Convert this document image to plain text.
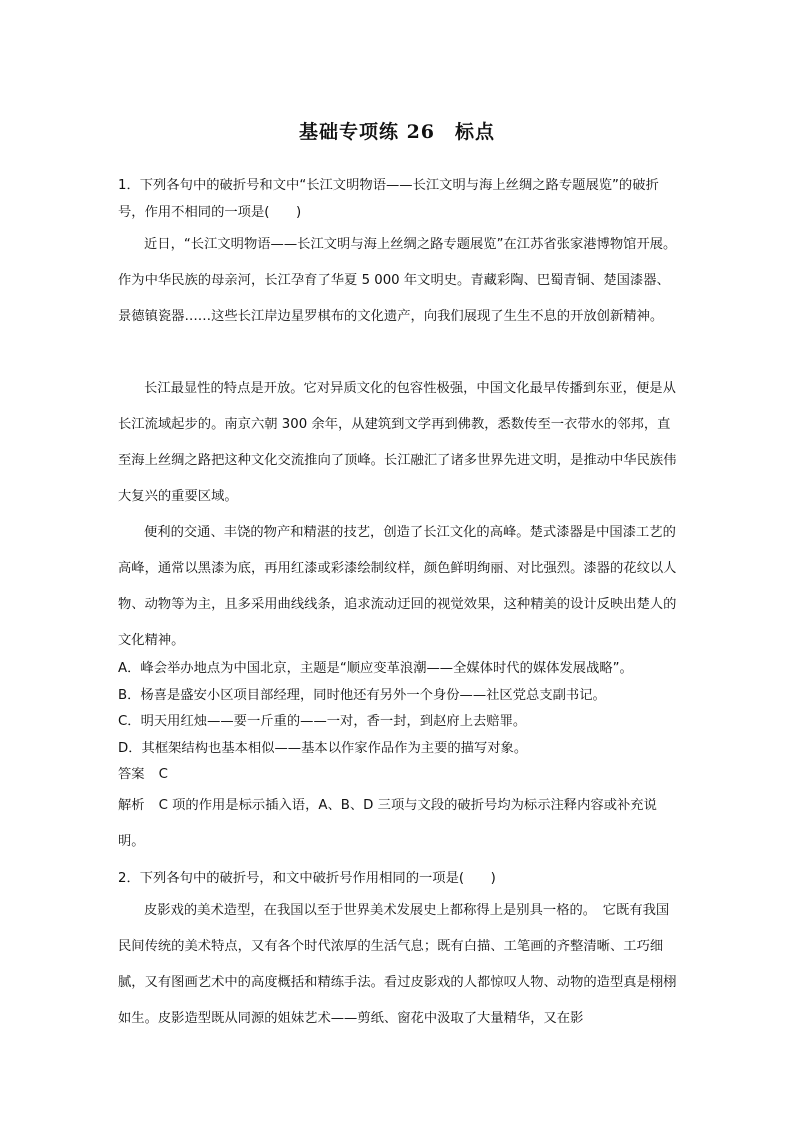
基础专项练 26　标点
1．下列各句中的破折号和文中“长江文明物语——长江文明与海上丝绸之路专题展览”的破折号，作用不相同的一项是(　　)
近日，“长江文明物语——长江文明与海上丝绸之路专题展览”在江苏省张家港博物馆开展。作为中华民族的母亲河，长江孕育了华夏 5 000 年文明史。青藏彩陶、巴蜀青铜、楚国漆器、景德镇瓷器……这些长江岸边星罗棋布的文化遗产，向我们展现了生生不息的开放创新精神。
长江最显性的特点是开放。它对异质文化的包容性极强，中国文化最早传播到东亚，便是从长江流域起步的。南京六朝 300 余年，从建筑到文学再到佛教，悉数传至一衣带水的邻邦，直至海上丝绸之路把这种文化交流推向了顶峰。长江融汇了诸多世界先进文明，是推动中华民族伟大复兴的重要区域。
便利的交通、丰饶的物产和精湛的技艺，创造了长江文化的高峰。楚式漆器是中国漆工艺的高峰，通常以黑漆为底，再用红漆或彩漆绘制纹样，颜色鲜明绚丽、对比强烈。漆器的花纹以人物、动物等为主，且多采用曲线线条，追求流动迂回的视觉效果，这种精美的设计反映出楚人的文化精神。
A．峰会举办地点为中国北京，主题是“顺应变革浪潮——全媒体时代的媒体发展战略”。
B．杨喜是盛安小区项目部经理，同时他还有另外一个身份——社区党总支副书记。
C．明天用红烛——要一斤重的——一对，香一封，到赵府上去赔罪。
D．其框架结构也基本相似——基本以作家作品作为主要的描写对象。
答案 C
解析 C 项的作用是标示插入语，A、B、D 三项与文段的破折号均为标示注释内容或补充说明。
2．下列各句中的破折号，和文中破折号作用相同的一项是(　　)
皮影戏的美术造型，在我国以至于世界美术发展史上都称得上是别具一格的。　它既有我国民间传统的美术特点，又有各个时代浓厚的生活气息；既有白描、工笔画的齐整清晰、工巧细腻，又有图画艺术中的高度概括和精练手法。看过皮影戏的人都惊叹人物、动物的造型真是栩栩如生。皮影造型既从同源的姐妹艺术——剪纸、窗花中汲取了大量精华，又在影
